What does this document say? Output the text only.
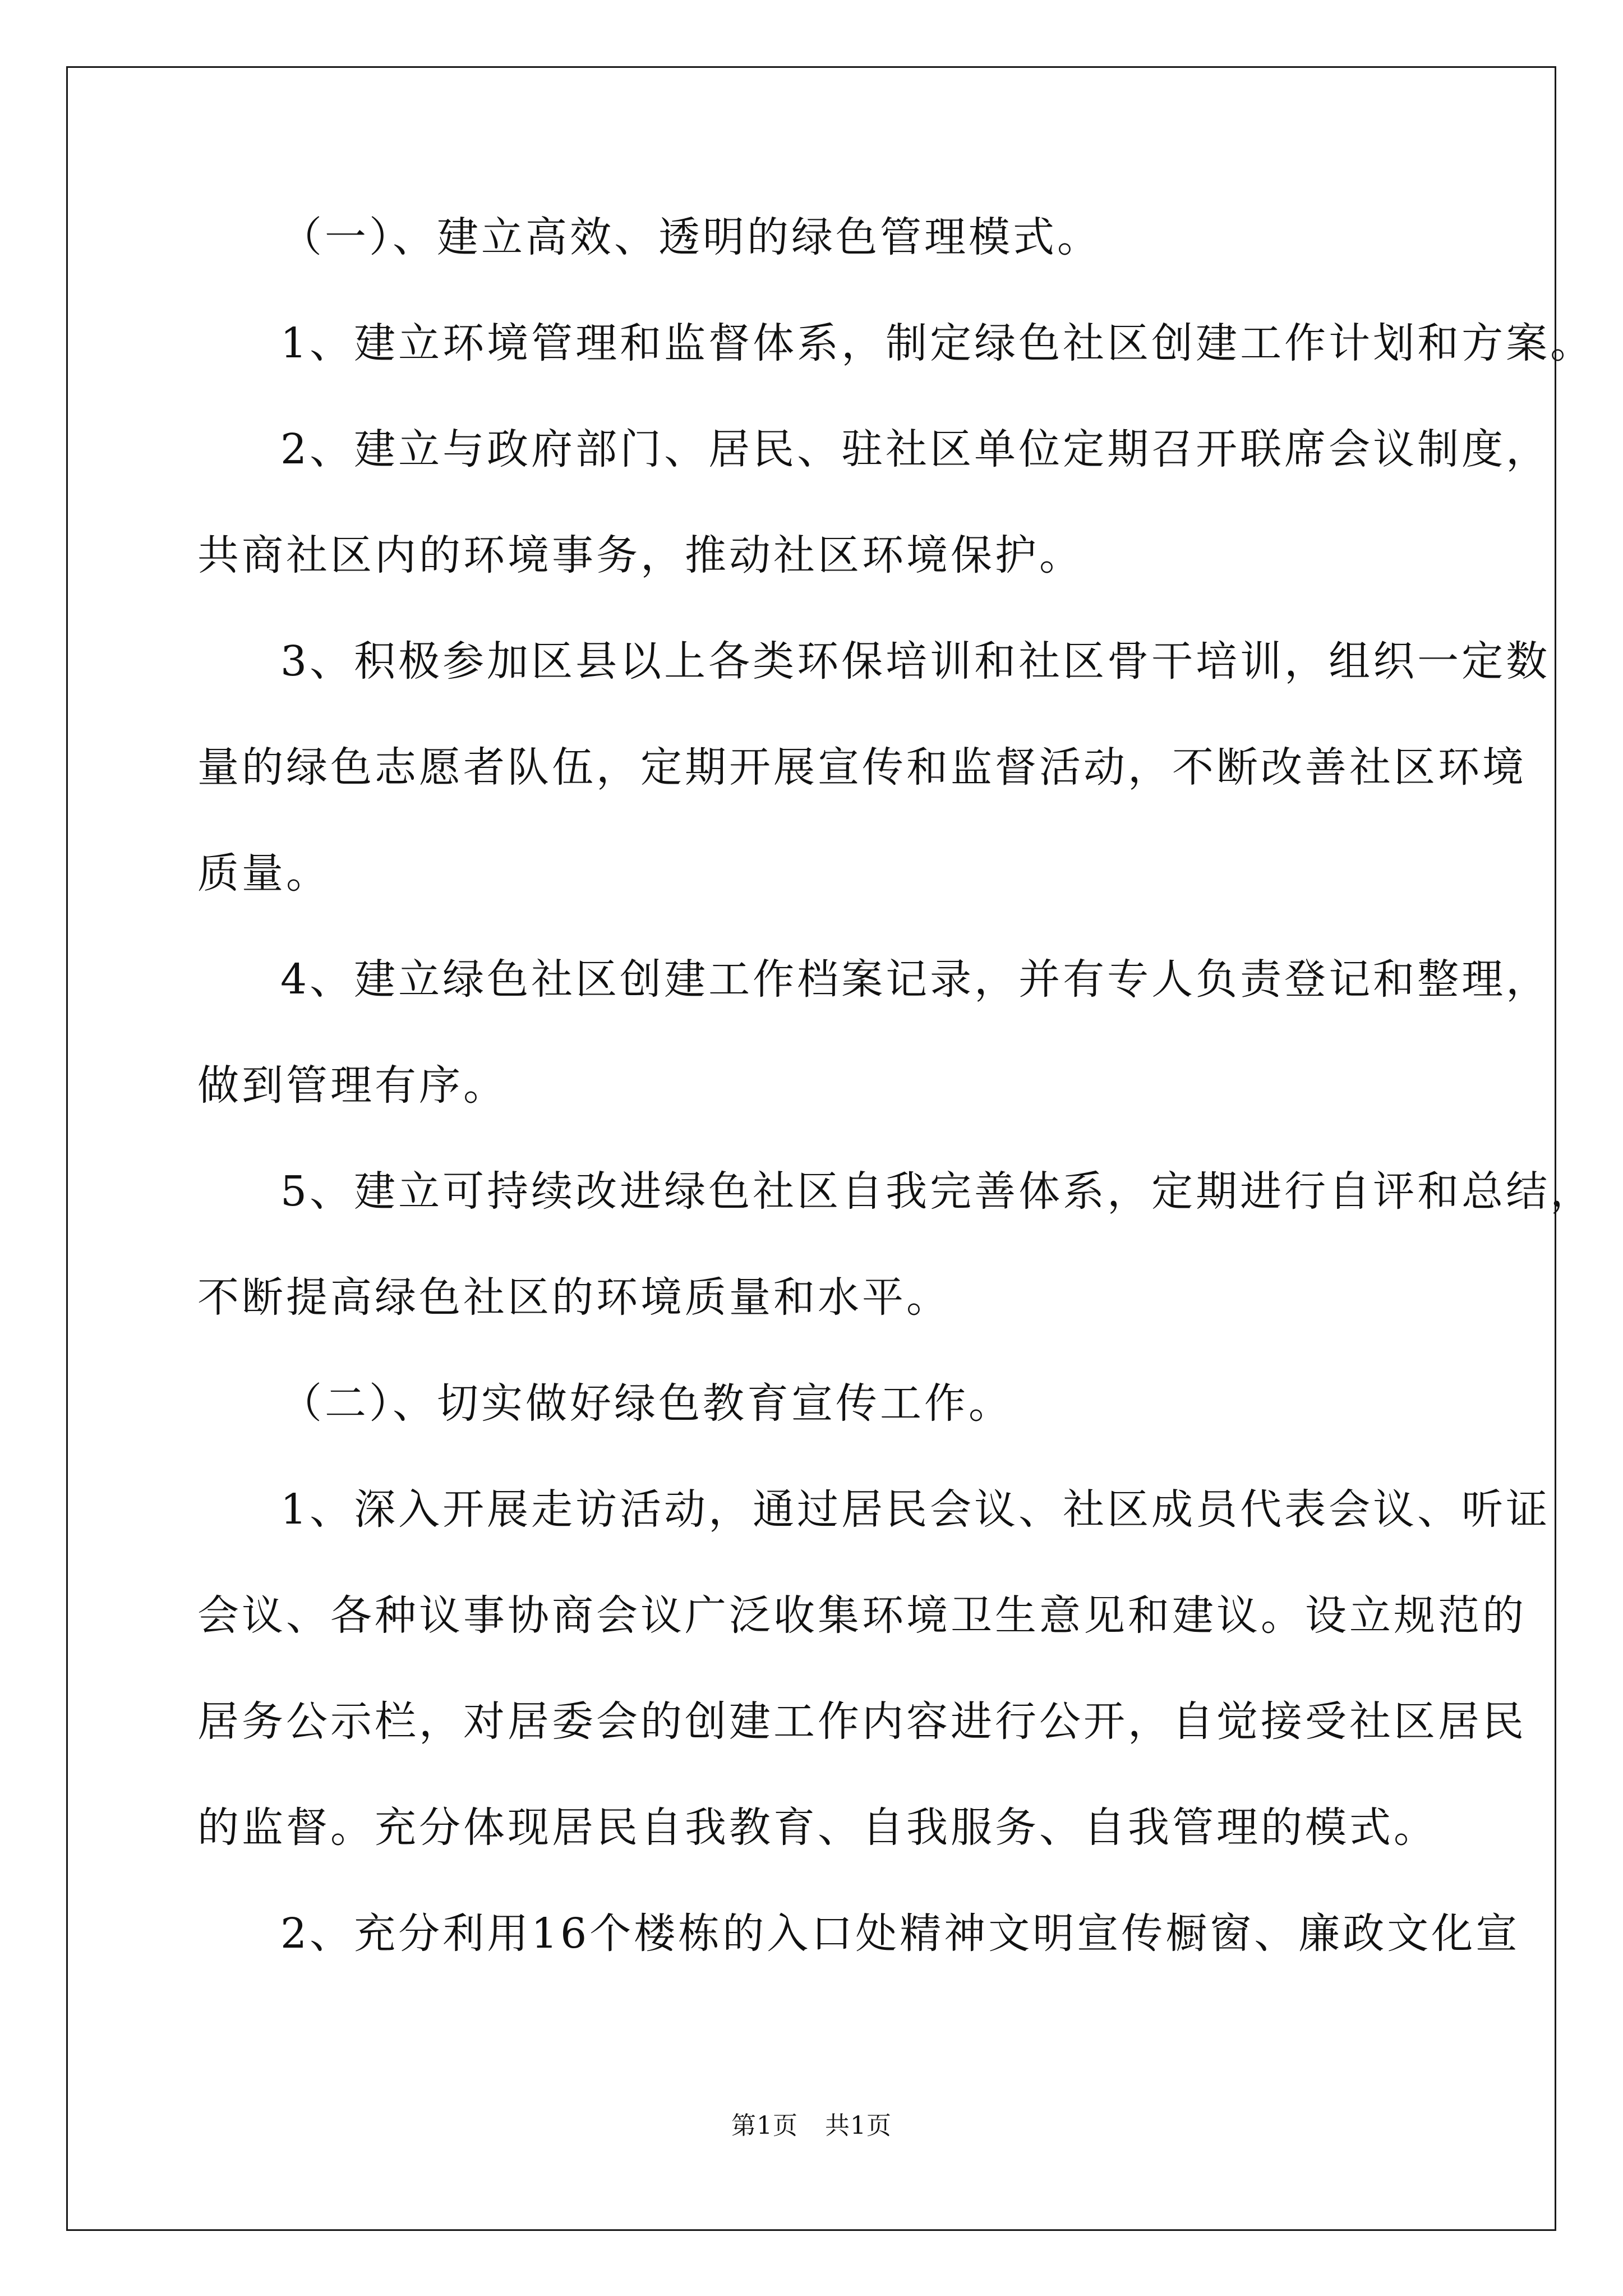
（一）、建立高效、透明的绿色管理模式。

1、建立环境管理和监督体系，制定绿色社区创建工作计划和方案。

2、建立与政府部门、居民、驻社区单位定期召开联席会议制度，

共商社区内的环境事务，推动社区环境保护。

3、积极参加区县以上各类环保培训和社区骨干培训，组织一定数

量的绿色志愿者队伍，定期开展宣传和监督活动，不断改善社区环境

质量。

4、建立绿色社区创建工作档案记录，并有专人负责登记和整理，

做到管理有序。

5、建立可持续改进绿色社区自我完善体系，定期进行自评和总结，

不断提高绿色社区的环境质量和水平。

（二）、切实做好绿色教育宣传工作。

1、深入开展走访活动，通过居民会议、社区成员代表会议、听证

会议、各种议事协商会议广泛收集环境卫生意见和建议。设立规范的

居务公示栏，对居委会的创建工作内容进行公开，自觉接受社区居民

的监督。充分体现居民自我教育、自我服务、自我管理的模式。

2、充分利用16个楼栋的入口处精神文明宣传橱窗、廉政文化宣

第1页 共1页
